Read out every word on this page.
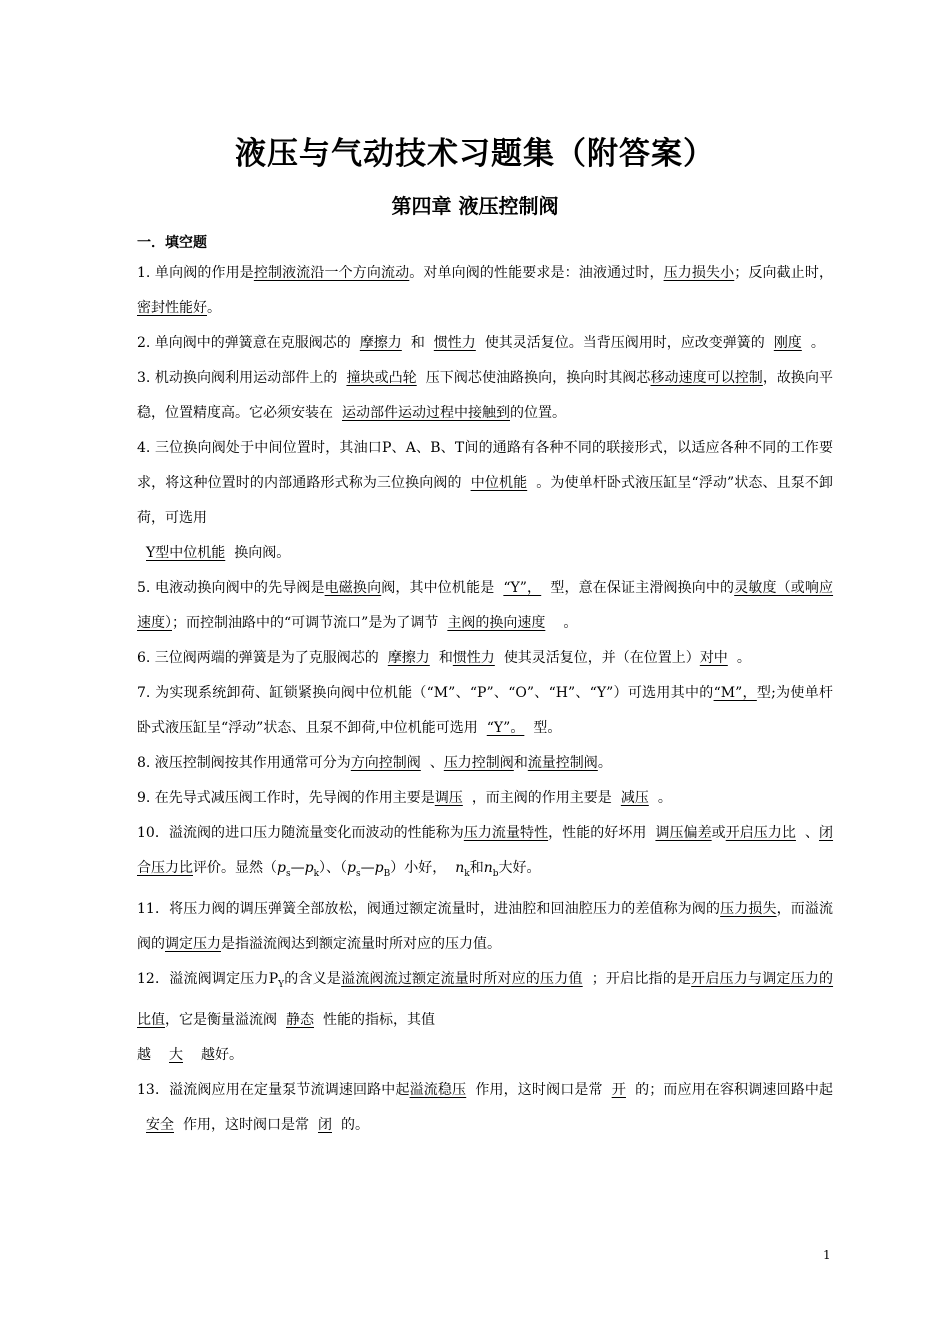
液压与气动技术习题集（附答案）
第四章 液压控制阀
一．填空题

1. 单向阀的作用是控制液流沿一个方向流动。对单向阀的性能要求是：油液通过时，压力损失小；反向截止时，密封性能好。

2. 单向阀中的弹簧意在克服阀芯的 摩擦力 和 惯性力 使其灵活复位。当背压阀用时，应改变弹簧的 刚度 。

3. 机动换向阀利用运动部件上的 撞块或凸轮 压下阀芯使油路换向，换向时其阀芯移动速度可以控制，故换向平稳，位置精度高。它必须安装在 运动部件运动过程中接触到的位置。

4. 三位换向阀处于中间位置时，其油口P、A、B、T间的通路有各种不同的联接形式，以适应各种不同的工作要求，将这种位置时的内部通路形式称为三位换向阀的 中位机能 。为使单杆卧式液压缸呈“浮动”状态、且泵不卸荷，可选用
Y型中位机能 换向阀。

5. 电液动换向阀中的先导阀是电磁换向阀，其中位机能是 “Y”， 型，意在保证主滑阀换向中的灵敏度（或响应速度）；而控制油路中的“可调节流口”是为了调节 主阀的换向速度 。

6. 三位阀两端的弹簧是为了克服阀芯的 摩擦力 和惯性力 使其灵活复位，并（在位置上）对中 。

7. 为实现系统卸荷、缸锁紧换向阀中位机能（“M”、“P”、“O”、“H”、“Y”）可选用其中的“M”，型;为使单杆卧式液压缸呈“浮动”状态、且泵不卸荷,中位机能可选用 “Y”。 型。

8. 液压控制阀按其作用通常可分为方向控制阀 、压力控制阀和流量控制阀。

9. 在先导式减压阀工作时，先导阀的作用主要是调压 ，而主阀的作用主要是 减压 。

10．溢流阀的进口压力随流量变化而波动的性能称为压力流量特性，性能的好坏用 调压偏差或开启压力比 、闭合压力比评价。显然$(p_s—p_k)$、$(p_s—p_B)$小好， $n_k$和$n_b$大好。

11．将压力阀的调压弹簧全部放松，阀通过额定流量时，进油腔和回油腔压力的差值称为阀的压力损失，而溢流阀的调定压力是指溢流阀达到额定流量时所对应的压力值。

12．溢流阀调定压力$P_Y$的含义是溢流阀流过额定流量时所对应的压力值 ；开启比指的是开启压力与调定压力的比值，它是衡量溢流阀 静态 性能的指标，其值
越 大 越好。

13．溢流阀应用在定量泵节流调速回路中起溢流稳压 作用，这时阀口是常 开 的；而应用在容积调速回路中起安全 作用，这时阀口是常 闭 的。

1
